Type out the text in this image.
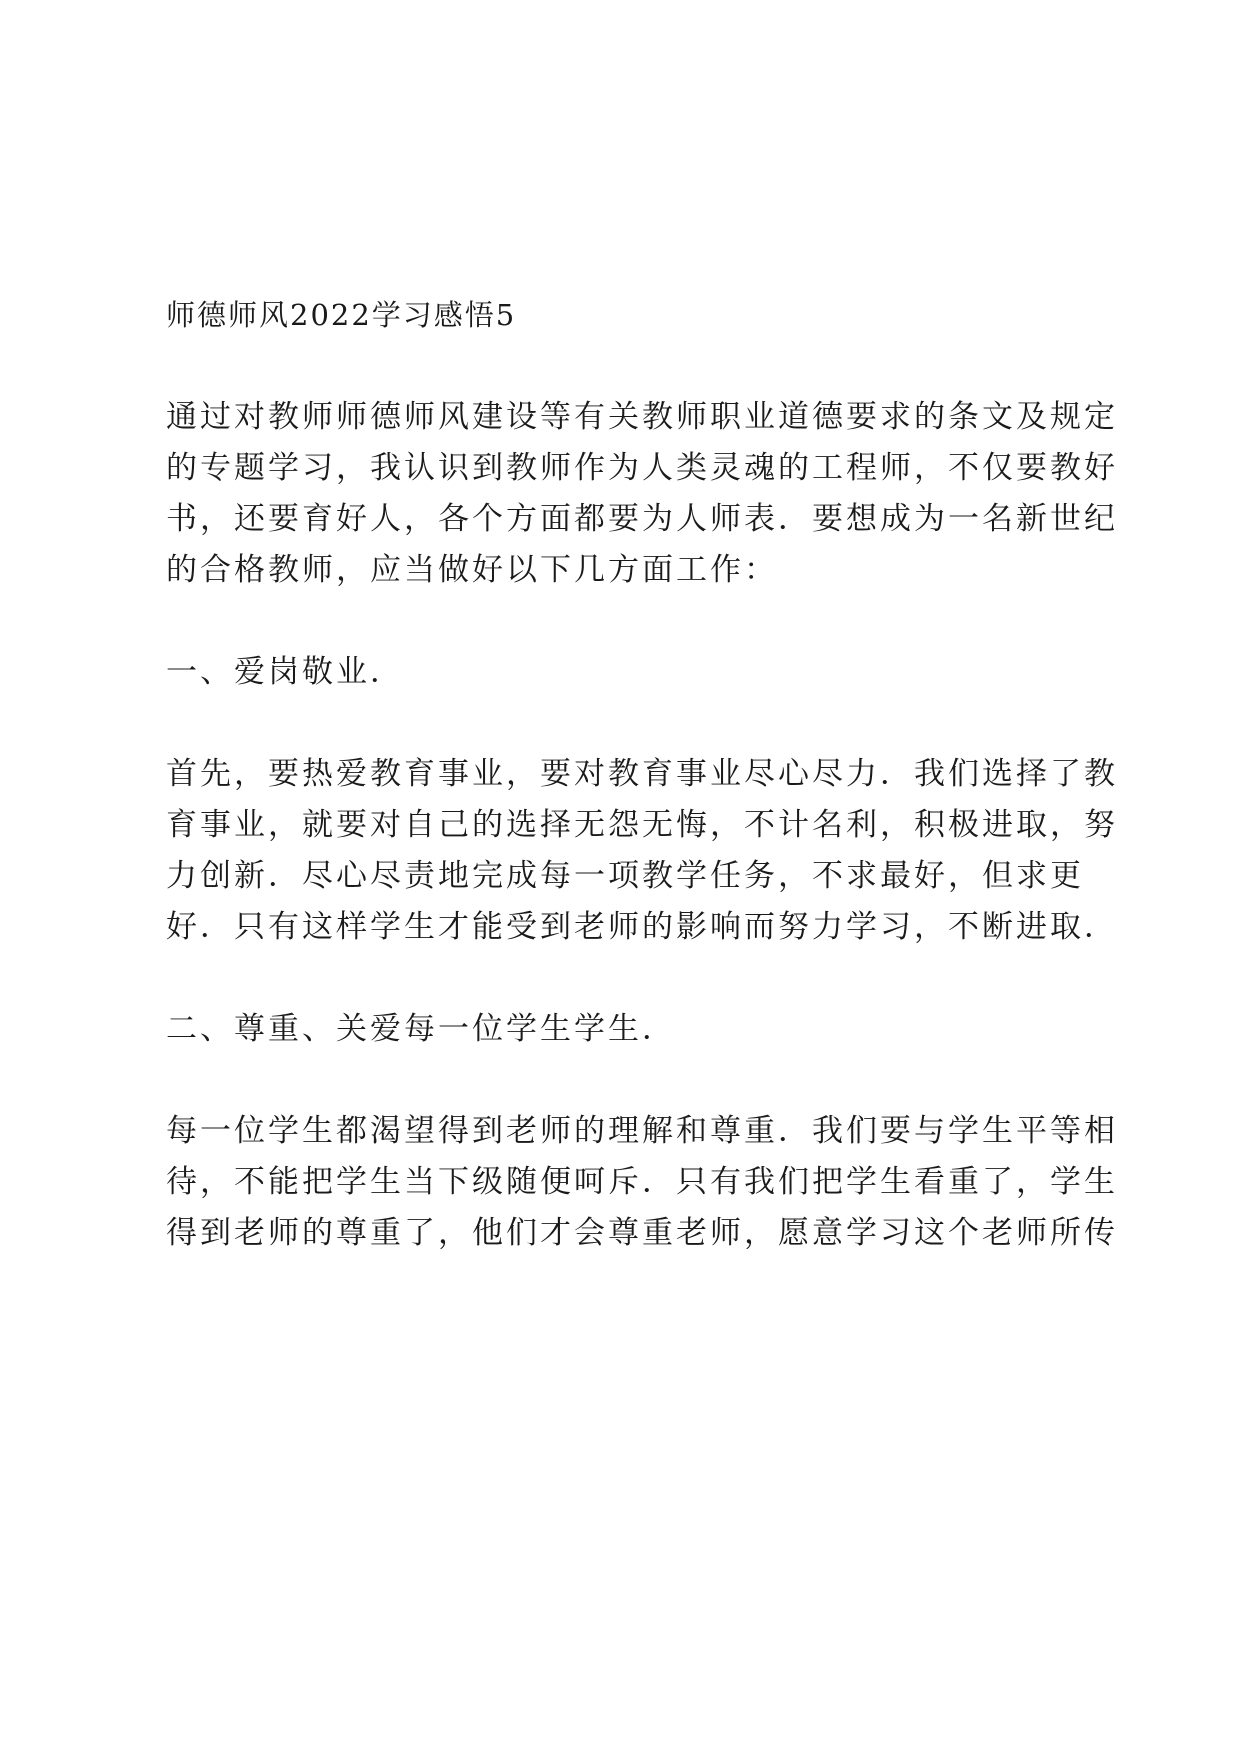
师德师风2022学习感悟5
通过对教师师德师风建设等有关教师职业道德要求的条文及规定
的专题学习，我认识到教师作为人类灵魂的工程师，不仅要教好
书，还要育好人，各个方面都要为人师表．要想成为一名新世纪
的合格教师，应当做好以下几方面工作：
一、爱岗敬业．
首先，要热爱教育事业，要对教育事业尽心尽力．我们选择了教
育事业，就要对自己的选择无怨无悔，不计名利，积极进取，努
力创新．尽心尽责地完成每一项教学任务，不求最好，但求更
好．只有这样学生才能受到老师的影响而努力学习，不断进取．
二、尊重、关爱每一位学生学生．
每一位学生都渴望得到老师的理解和尊重．我们要与学生平等相
待，不能把学生当下级随便呵斥．只有我们把学生看重了，学生
得到老师的尊重了，他们才会尊重老师，愿意学习这个老师所传
